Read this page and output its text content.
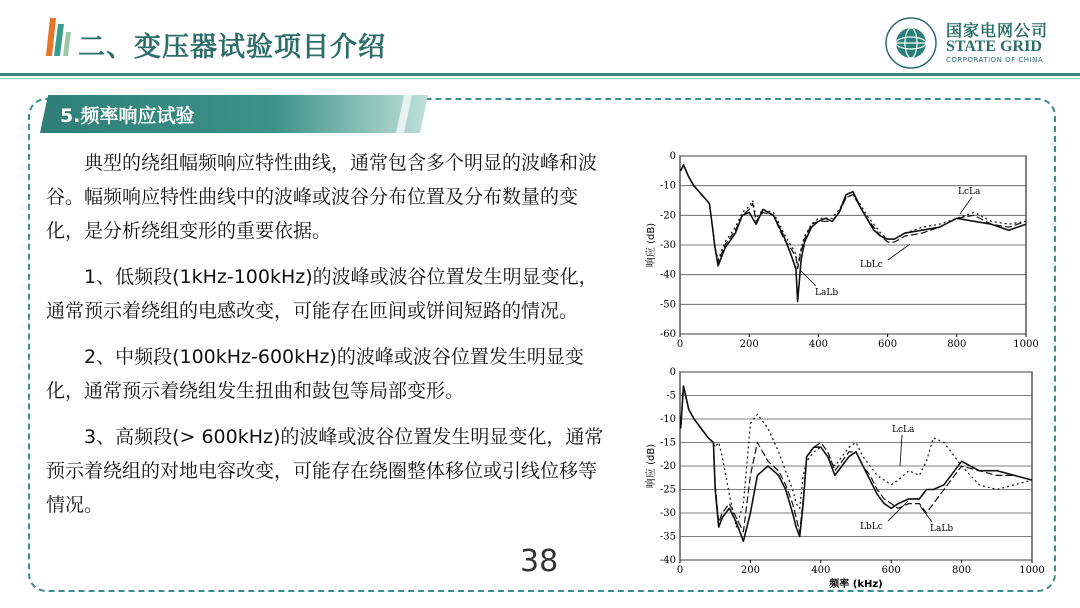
二、变压器试验项目介绍
国家电网公司
STATE GRID
CORPORATION OF CHINA
5.频率响应试验

典型的绕组幅频响应特性曲线，通常包含多个明显的波峰和波谷。幅频响应特性曲线中的波峰或波谷分布位置及分布数量的变化，是分析绕组变形的重要依据。

1、低频段(1kHz-100kHz)的波峰或波谷位置发生明显变化，通常预示着绕组的电感改变，可能存在匝间或饼间短路的情况。

2、中频段(100kHz-600kHz)的波峰或波谷位置发生明显变化，通常预示着绕组发生扭曲和鼓包等局部变形。

3、高频段(> 600kHz)的波峰或波谷位置发生明显变化，通常预示着绕组的对地电容改变，可能存在绕圈整体移位或引线位移等情况。

38
0
-10
-20
-30
-40
-50
-60
0	200	400	600	800	1000
响应 (dB)
LcLa
LbLc
LaLb
0
-5
-10
-15
-20
-25
-30
-35
-40
0	200	400	600	800	1000
响应 (dB)
频率 (kHz)
LcLa
LbLc	LaLb
